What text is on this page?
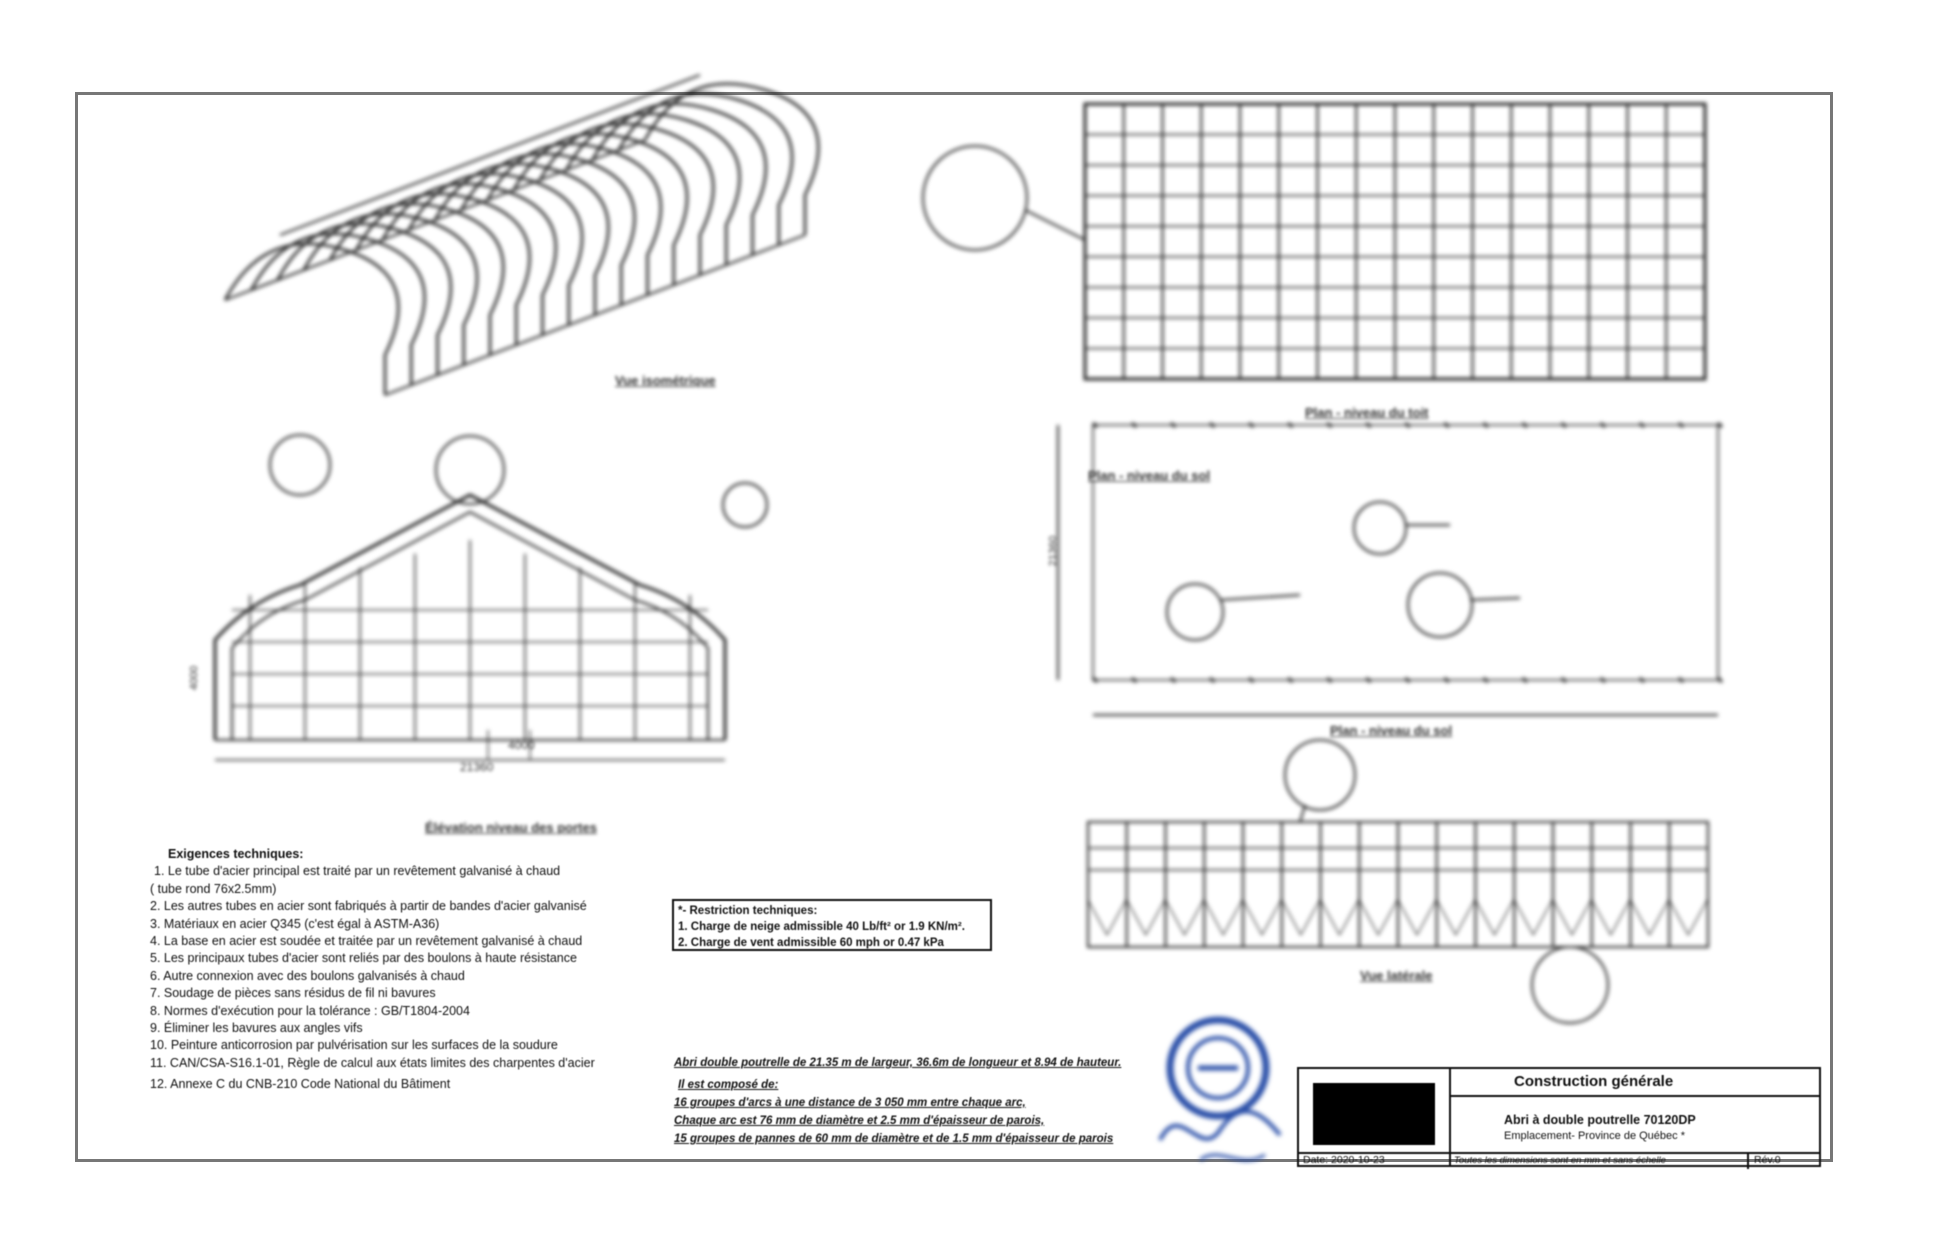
Vue isométrique
Plan - niveau du toit
Élévation niveau des portes
21360
4000
4000
Plan - niveau du sol
Plan - niveau du sol
21360
Vue latérale
Exigences techniques:
1. Le tube d'acier principal est traité par un revêtement galvanisé à chaud
( tube rond 76x2.5mm)
2. Les autres tubes en acier sont fabriqués à partir de bandes d'acier galvanisé
3. Matériaux en acier Q345 (c'est égal à ASTM-A36)
4. La base en acier est soudée et traitée par un revêtement galvanisé à chaud
5. Les principaux tubes d'acier sont reliés par des boulons à haute résistance
6. Autre connexion avec des boulons galvanisés à chaud
7. Soudage de pièces sans résidus de fil ni bavures
8. Normes d'exécution pour la tolérance : GB/T1804-2004
9. Éliminer les bavures aux angles vifs
10. Peinture anticorrosion par pulvérisation sur les surfaces de la soudure
11. CAN/CSA-S16.1-01, Règle de calcul aux états limites des charpentes d'acier
12. Annexe C du CNB-210 Code National du Bâtiment
*- Restriction techniques:
1. Charge de neige admissible 40 Lb/ft² or 1.9 KN/m².
2. Charge de vent admissible 60 mph or 0.47 kPa
Abri double poutrelle de 21.35 m de largeur, 36.6m de longueur et 8.94 de hauteur.
Il est composé de:
16 groupes d'arcs à une distance de 3 050 mm entre chaque arc,
Chaque arc est 76 mm de diamètre et 2.5 mm d'épaisseur de parois,
15 groupes de pannes de 60 mm de diamètre et de 1.5 mm d'épaisseur de parois
Construction générale
Abri à double poutrelle 70120DP
Emplacement- Province de Québec *
Date: 2020-10-23	Toutes les dimensions sont en mm et sans échelle	Rév.0
